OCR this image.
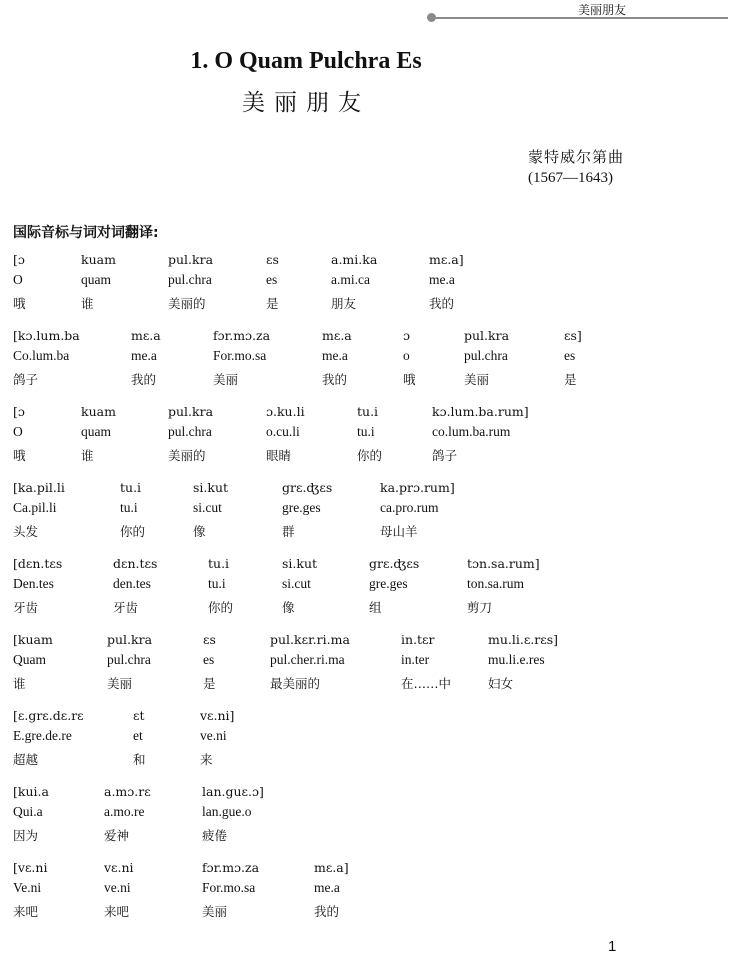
美丽朋友
1. O Quam Pulchra Es
美丽朋友
蒙特威尔第曲
(1567—1643)
国际音标与词对词翻译:
[ɔ	kuam	pul.kra	ɛs	a.mi.ka	mɛ.a]
O	quam	pul.chra	es	a.mi.ca	me.a
哦	谁	美丽的	是	朋友	我的
[kɔ.lum.ba	mɛ.a	fɔr.mɔ.za	mɛ.a	ɔ	pul.kra	ɛs]
Co.lum.ba	me.a	For.mo.sa	me.a	o	pul.chra	es
鸽子	我的	美丽	我的	哦	美丽	是
[ɔ	kuam	pul.kra	ɔ.ku.li	tu.i	kɔ.lum.ba.rum]
O	quam	pul.chra	o.cu.li	tu.i	co.lum.ba.rum
哦	谁	美丽的	眼睛	你的	鸽子
[ka.pil.li	tu.i	si.kut	grɛ.ʤɛs	ka.prɔ.rum]
Ca.pil.li	tu.i	si.cut	gre.ges	ca.pro.rum
头发	你的	像	群	母山羊
[dɛn.tɛs	dɛn.tɛs	tu.i	si.kut	grɛ.ʤɛs	tɔn.sa.rum]
Den.tes	den.tes	tu.i	si.cut	gre.ges	ton.sa.rum
牙齿	牙齿	你的	像	组	剪刀
[kuam	pul.kra	ɛs	pul.kɛr.ri.ma	in.tɛr	mu.li.ɛ.rɛs]
Quam	pul.chra	es	pul.cher.ri.ma	in.ter	mu.li.e.res
谁	美丽	是	最美丽的	在……中	妇女
[ɛ.grɛ.dɛ.rɛ	ɛt	vɛ.ni]
E.gre.de.re	et	ve.ni
超越	和	来
[kui.a	a.mɔ.rɛ	lan.guɛ.ɔ]
Qui.a	a.mo.re	lan.gue.o
因为	爱神	疲倦
[vɛ.ni	vɛ.ni	fɔr.mɔ.za	mɛ.a]
Ve.ni	ve.ni	For.mo.sa	me.a
来吧	来吧	美丽	我的
1
